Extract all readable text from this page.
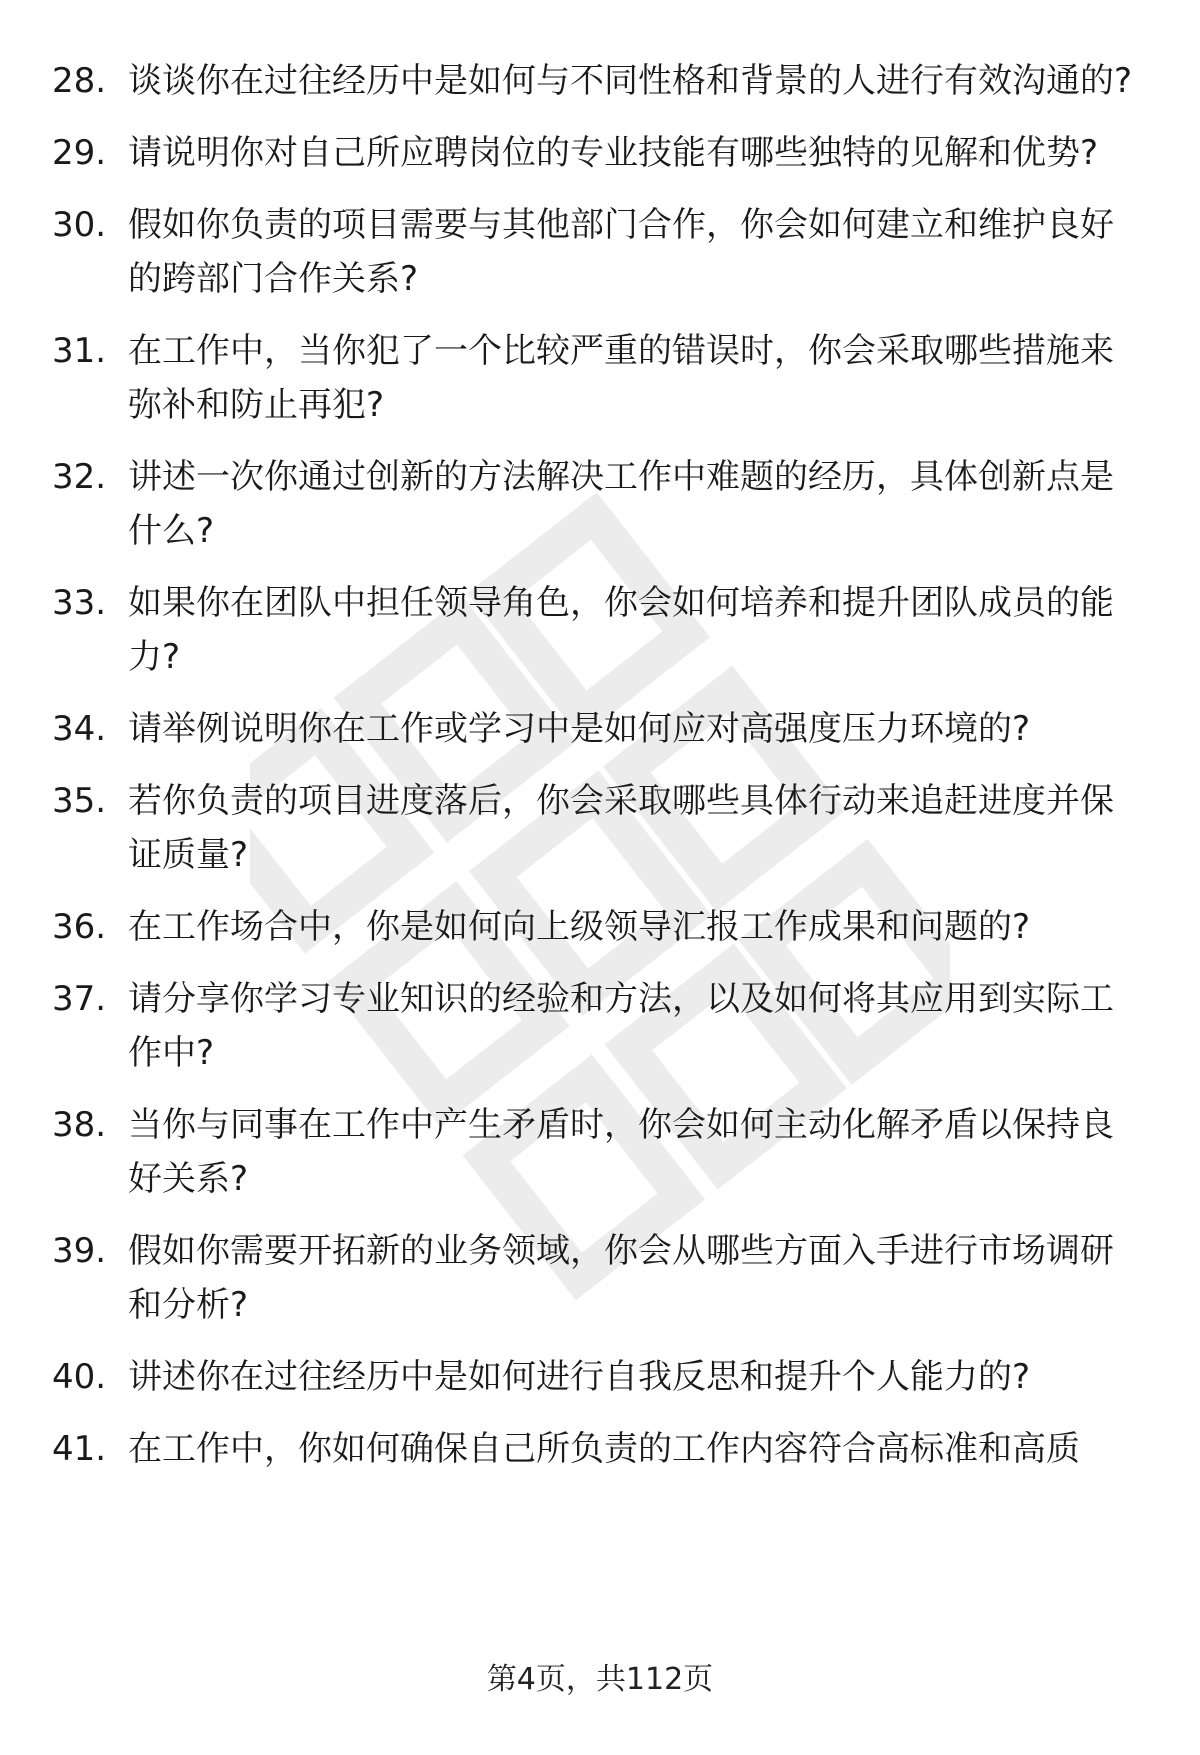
28. 谈谈你在过往经历中是如何与不同性格和背景的人进行有效沟通的?
29. 请说明你对自己所应聘岗位的专业技能有哪些独特的见解和优势?
30. 假如你负责的项目需要与其他部门合作，你会如何建立和维护良好的跨部门合作关系?
31. 在工作中，当你犯了一个比较严重的错误时，你会采取哪些措施来弥补和防止再犯?
32. 讲述一次你通过创新的方法解决工作中难题的经历，具体创新点是什么?
33. 如果你在团队中担任领导角色，你会如何培养和提升团队成员的能力?
34. 请举例说明你在工作或学习中是如何应对高强度压力环境的?
35. 若你负责的项目进度落后，你会采取哪些具体行动来追赶进度并保证质量?
36. 在工作场合中，你是如何向上级领导汇报工作成果和问题的?
37. 请分享你学习专业知识的经验和方法，以及如何将其应用到实际工作中?
38. 当你与同事在工作中产生矛盾时，你会如何主动化解矛盾以保持良好关系?
39. 假如你需要开拓新的业务领域，你会从哪些方面入手进行市场调研和分析?
40. 讲述你在过往经历中是如何进行自我反思和提升个人能力的?
41. 在工作中，你如何确保自己所负责的工作内容符合高标准和高质
第4页，共112页
